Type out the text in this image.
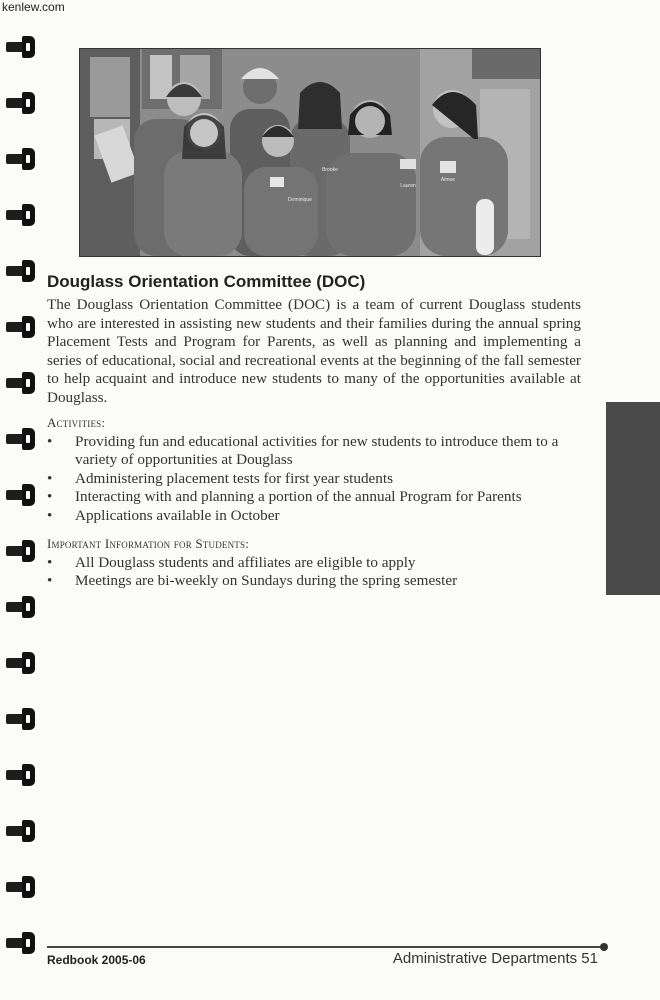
kenlew.com
Dominique
Brooke
Lauren
Aimee
Douglass Orientation Committee (DOC)

The Douglass Orientation Committee (DOC) is a team of current Douglass students who are interested in assisting new students and their families during the annual spring Placement Tests and Program for Parents, as well as planning and implementing a series of educational, social and recreational events at the beginning of the fall semester to help acquaint and introduce new students to many of the opportunities available at Douglass.

Activities:

• Providing fun and educational activities for new students to introduce them to a variety of opportunities at Douglass
• Administering placement tests for first year students
• Interacting with and planning a portion of the annual Program for Parents
• Applications available in October

Important Information for Students:

• All Douglass students and affiliates are eligible to apply
• Meetings are bi-weekly on Sundays during the spring semester
Redbook 2005-06	Administrative Departments 51
